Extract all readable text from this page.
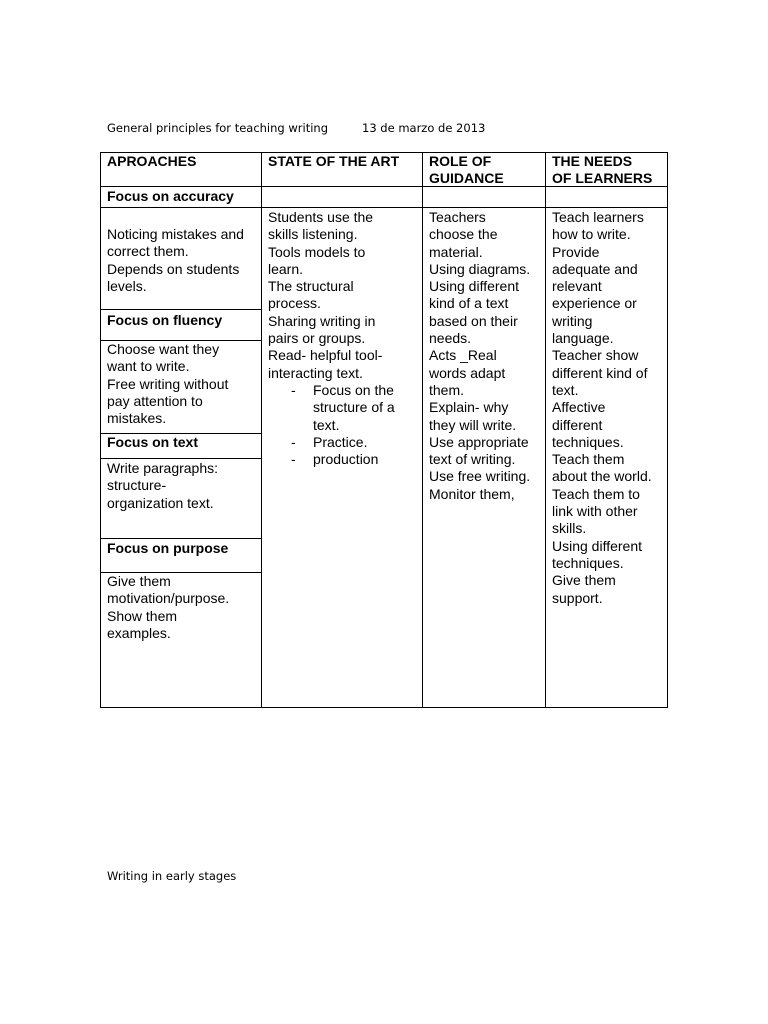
General principles for teaching writing	13 de marzo de 2013
APROACHES	STATE OF THE ART ROLE OF
GUIDANCE
THE NEEDS
OF LEARNERS
Focus on accuracy
Noticing mistakes and
correct them.
Depends on students
levels.
Focus on fluency
Choose want they
want to write.
Free writing without
pay attention to
mistakes.
Focus on text
Write paragraphs:
structure-
organization text.
Focus on purpose
Give them
motivation/purpose.
Show them
examples.
Students use the
skills listening.
Tools models to
learn.
The structural
process.
Sharing writing in
pairs or groups.
Read- helpful tool-
interacting text.
- Focus on the
structure of a
text.
- Practice.
- production
Teachers
choose the
material.
Using diagrams.
Using different
kind of a text
based on their
needs.
Acts _Real
words adapt
them.
Explain- why
they will write.
Use appropriate
text of writing.
Use free writing.
Monitor them,
Teach learners
how to write.
Provide
adequate and
relevant
experience or
writing
language.
Teacher show
different kind of
text.
Affective
different
techniques.
Teach them
about the world.
Teach them to
link with other
skills.
Using different
techniques.
Give them
support.
Writing in early stages
